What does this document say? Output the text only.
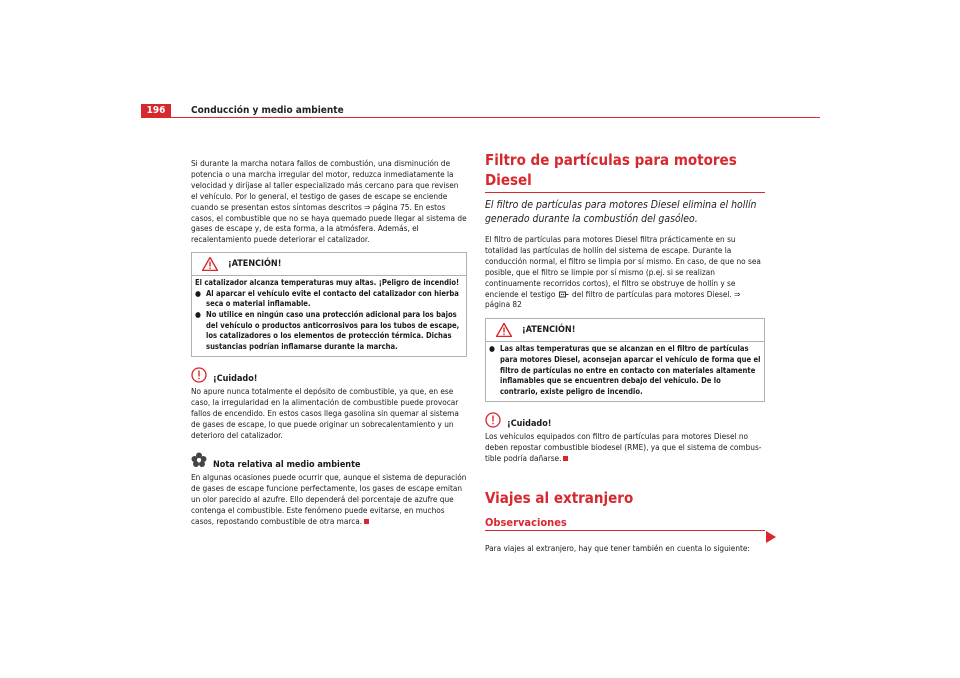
196	Conducción y medio ambiente

Si durante la marcha notara fallos de combustión, una disminución de potencia o una marcha irregular del motor, reduzca inmediatamente la velocidad y diríjase al taller especializado más cercano para que revisen el vehículo. Por lo general, el testigo de gases de escape se enciende cuando se presentan estos síntomas descritos ⇒ página 75. En estos casos, el combustible que no se haya quemado puede llegar al sistema de gases de escape y, de esta forma, a la atmósfera. Además, el recalentamiento puede deteriorar el catalizador.

¡ATENCIÓN!
El catalizador alcanza temperaturas muy altas. ¡Peligro de incendio!
● Al aparcar el vehículo evite el contacto del catalizador con hierba seca o material inflamable.
● No utilice en ningún caso una protección adicional para los bajos del vehículo o productos anticorrosivos para los tubos de escape, los catalizadores o los elementos de protección térmica. Dichas sustancias podrían inflamarse durante la marcha.
¡Cuidado!

No apure nunca totalmente el depósito de combustible, ya que, en ese caso, la irregularidad en la alimentación de combustible puede provocar fallos de encendido. En estos casos llega gasolina sin quemar al sistema de gases de escape, lo que puede originar un sobrecalentamiento y un deterioro del catalizador.

Nota relativa al medio ambiente

En algunas ocasiones puede ocurrir que, aunque el sistema de depuración de gases de escape funcione perfectamente, los gases de escape emitan un olor parecido al azufre. Ello dependerá del porcentaje de azufre que contenga el combustible. Este fenómeno puede evitarse, en muchos casos, repostando combustible de otra marca.

Filtro de partículas para motores Diesel
El filtro de partículas para motores Diesel elimina el hollín generado durante la combustión del gasóleo.

El filtro de partículas para motores Diesel filtra prácticamente en su totalidad las partículas de hollín del sistema de escape. Durante la conducción normal, el filtro se limpia por sí mismo. En caso, de que no sea posible, que el filtro se limpie por sí mismo (p.ej. si se realizan continuamente recorridos cortos), el filtro se obstruye de hollín y se enciende el testigo del filtro de partículas para motores Diesel. ⇒ página 82

¡ATENCIÓN!
● Las altas temperaturas que se alcanzan en el filtro de partículas para motores Diesel, aconsejan aparcar el vehículo de forma que el filtro de partículas no entre en contacto con materiales altamente inflamables que se encuentren debajo del vehículo. De lo contrario, existe peligro de incendio.
¡Cuidado!

Los vehículos equipados con filtro de partículas para motores Diesel no deben repostar combustible biodesel (RME), ya que el sistema de combustible podría dañarse.

Viajes al extranjero
Observaciones

Para viajes al extranjero, hay que tener también en cuenta lo siguiente:
